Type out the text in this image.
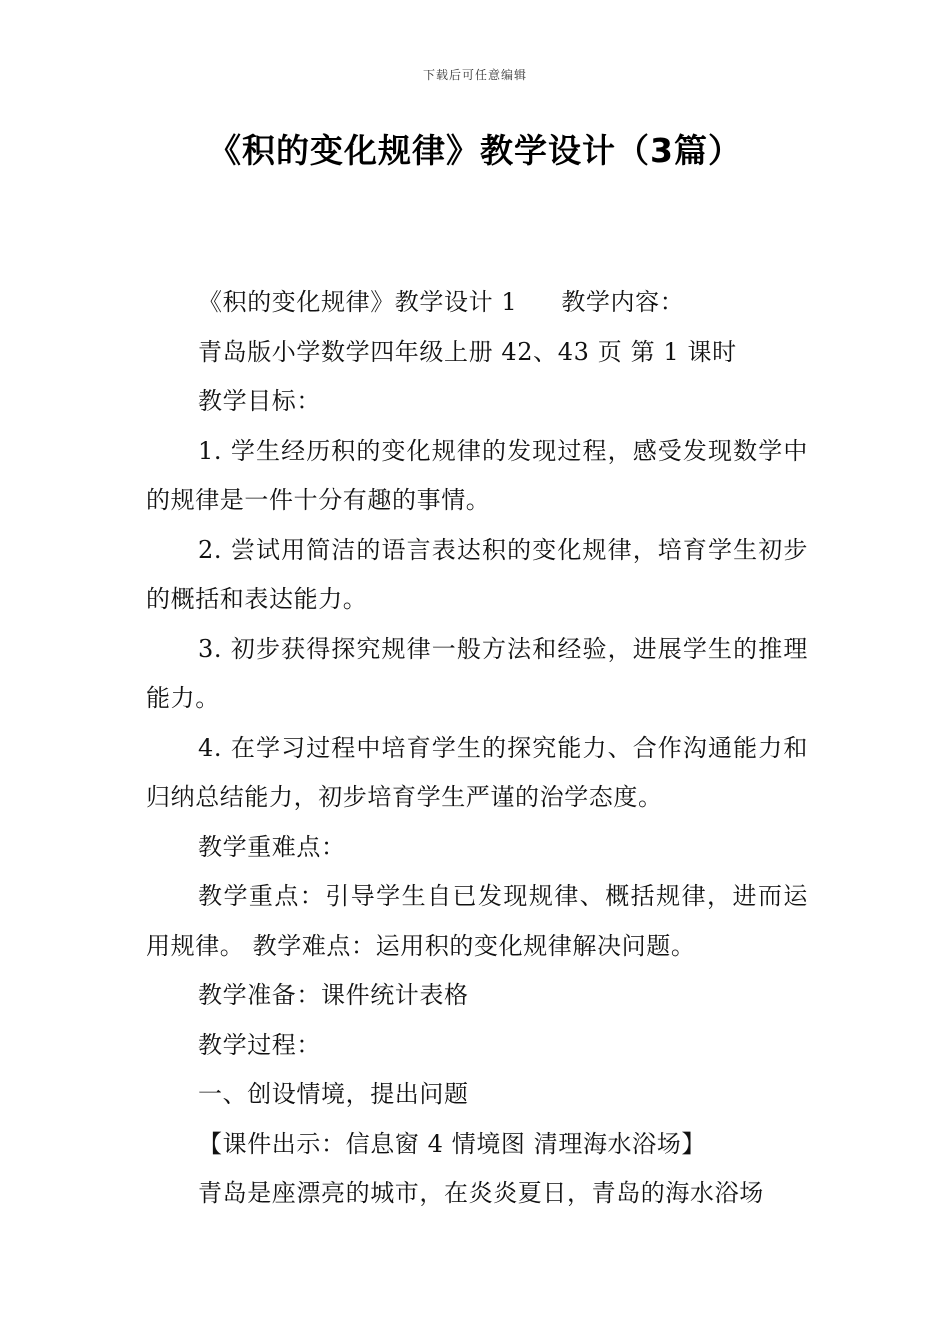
下载后可任意编辑
《积的变化规律》教学设计（3篇）

《积的变化规律》教学设计 1 教学内容：

青岛版小学数学四年级上册 42、43 页 第 1 课时

教学目标：

1. 学生经历积的变化规律的发现过程，感受发现数学中的规律是一件十分有趣的事情。

2. 尝试用简洁的语言表达积的变化规律，培育学生初步的概括和表达能力。

3. 初步获得探究规律一般方法和经验，进展学生的推理能力。

4. 在学习过程中培育学生的探究能力、合作沟通能力和归纳总结能力，初步培育学生严谨的治学态度。

教学重难点：

教学重点：引导学生自已发现规律、概括规律，进而运用规律。 教学难点：运用积的变化规律解决问题。

教学准备：课件统计表格

教学过程：

一、创设情境，提出问题

【课件出示：信息窗 4 情境图 清理海水浴场】

青岛是座漂亮的城市，在炎炎夏日，青岛的海水浴场
